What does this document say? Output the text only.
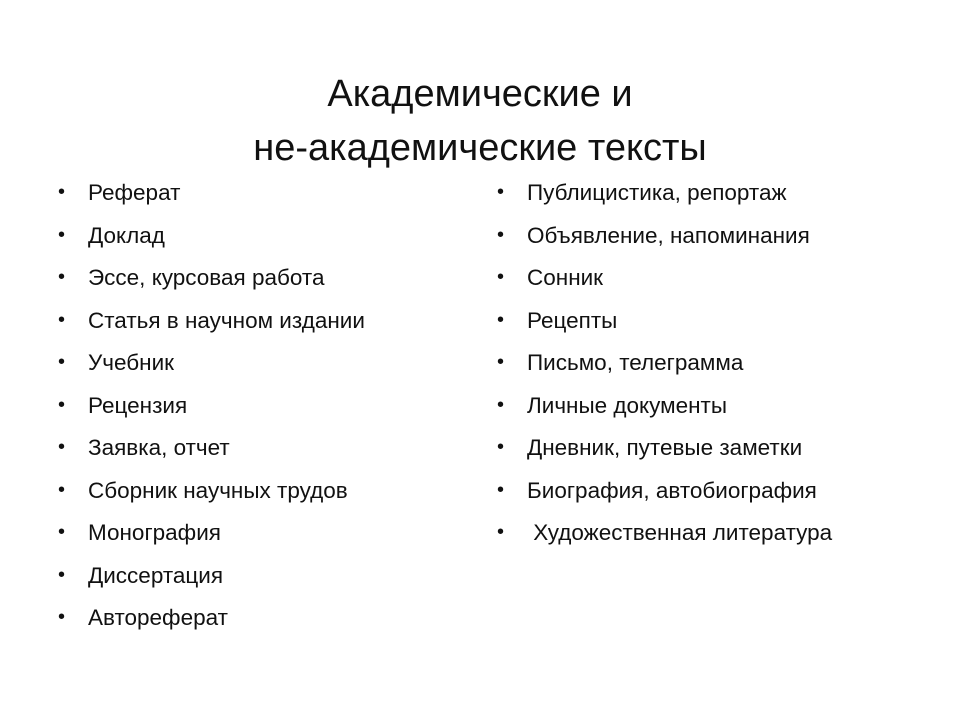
Академические и
не-академические тексты
•	Реферат
•	Доклад
•	Эссе, курсовая работа
•	Статья в научном издании
•	Учебник
•	Рецензия
•	Заявка, отчет
•	Сборник научных трудов
•	Монография
•	Диссертация
•	Автореферат
•	Публицистика, репортаж
•	Объявление, напоминания
•	Сонник
•	Рецепты
•	Письмо, телеграмма
•	Личные документы
•	Дневник, путевые заметки
•	Биография, автобиография
•	Художественная литература
